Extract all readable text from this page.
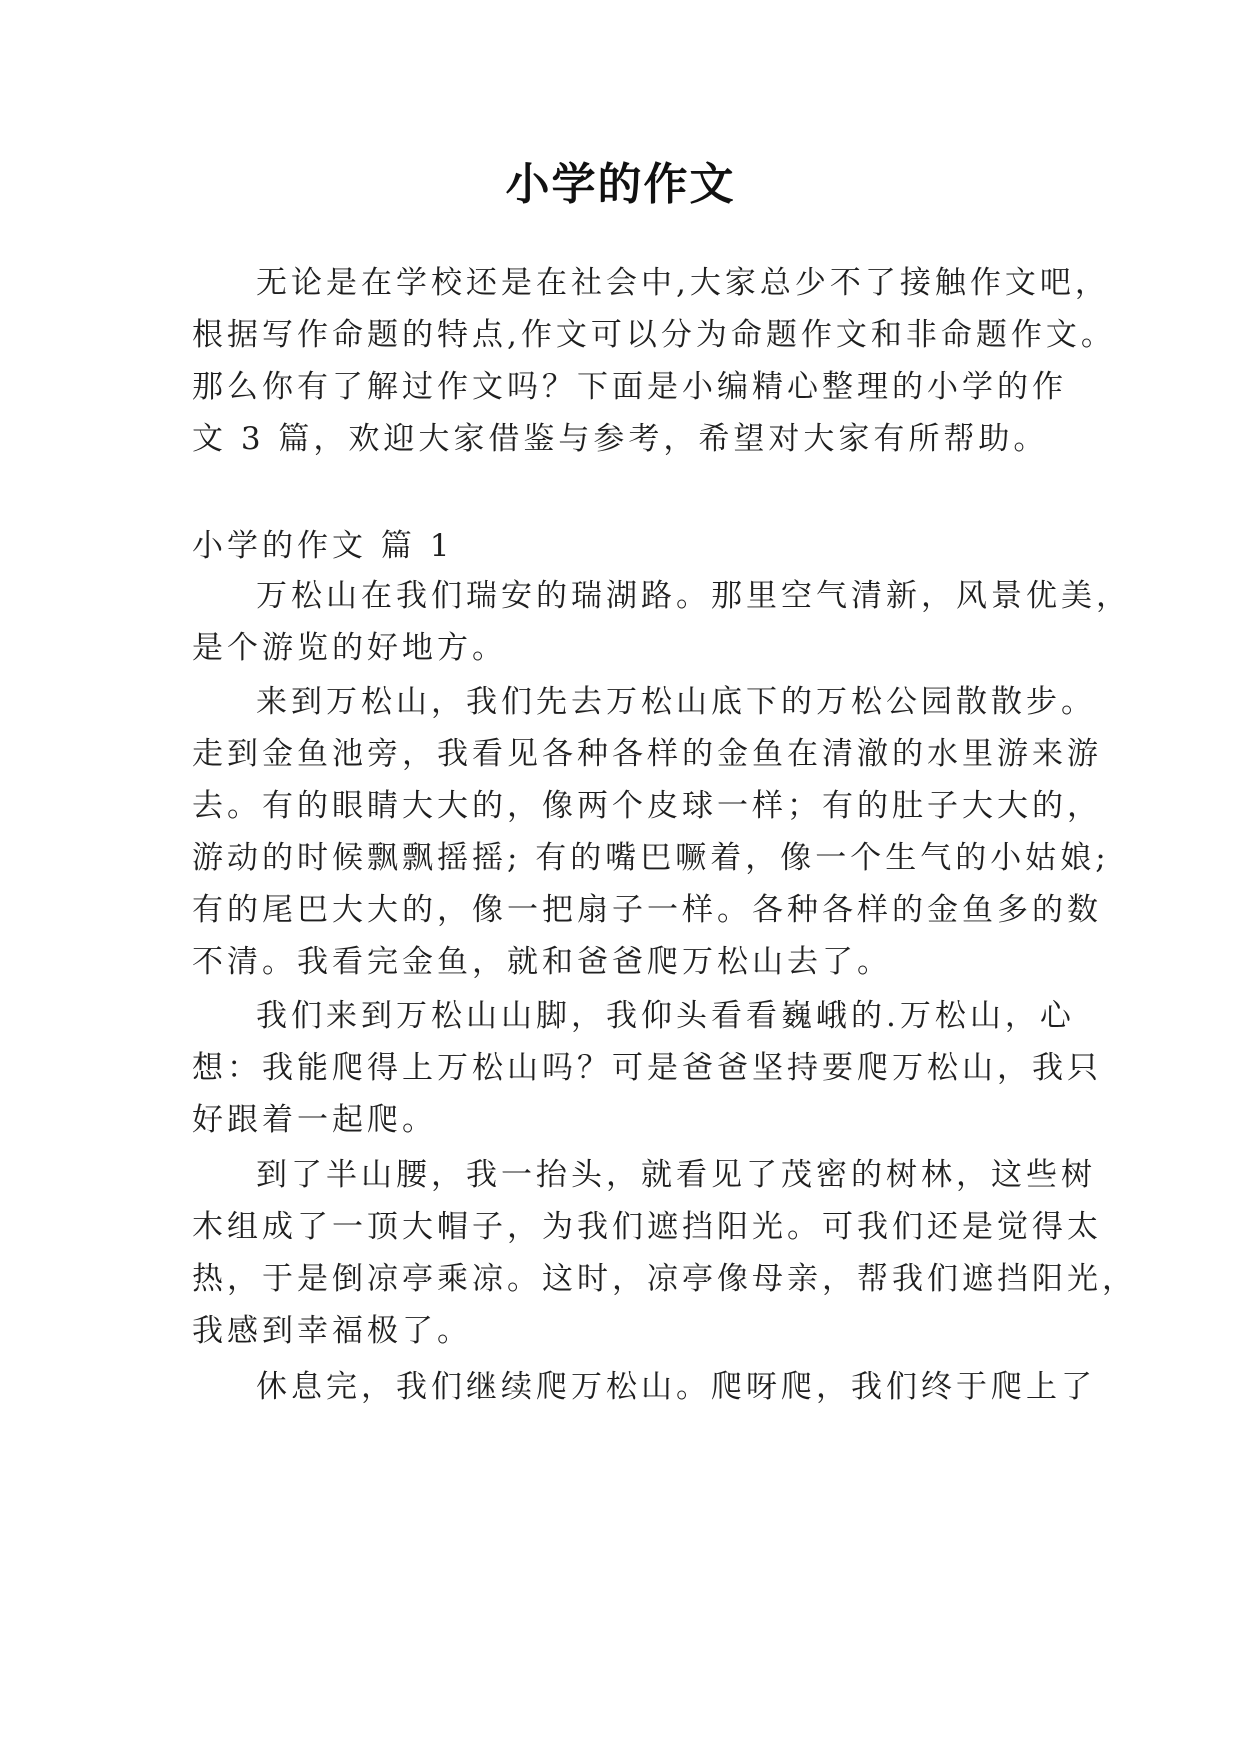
小学的作文
无论是在学校还是在社会中,大家总少不了接触作文吧，
根据写作命题的特点,作文可以分为命题作文和非命题作文。
那么你有了解过作文吗？下面是小编精心整理的小学的作
文 3 篇，欢迎大家借鉴与参考，希望对大家有所帮助。
小学的作文 篇 1
万松山在我们瑞安的瑞湖路。那里空气清新，风景优美，
是个游览的好地方。
来到万松山，我们先去万松山底下的万松公园散散步。
走到金鱼池旁，我看见各种各样的金鱼在清澈的水里游来游
去。有的眼睛大大的，像两个皮球一样；有的肚子大大的，
游动的时候飘飘摇摇; 有的嘴巴噘着，像一个生气的小姑娘;
有的尾巴大大的，像一把扇子一样。各种各样的金鱼多的数
不清。我看完金鱼，就和爸爸爬万松山去了。
我们来到万松山山脚，我仰头看看巍峨的.万松山，心
想：我能爬得上万松山吗？可是爸爸坚持要爬万松山，我只
好跟着一起爬。
到了半山腰，我一抬头，就看见了茂密的树林，这些树
木组成了一顶大帽子，为我们遮挡阳光。可我们还是觉得太
热，于是倒凉亭乘凉。这时，凉亭像母亲，帮我们遮挡阳光，
我感到幸福极了。
休息完，我们继续爬万松山。爬呀爬，我们终于爬上了
